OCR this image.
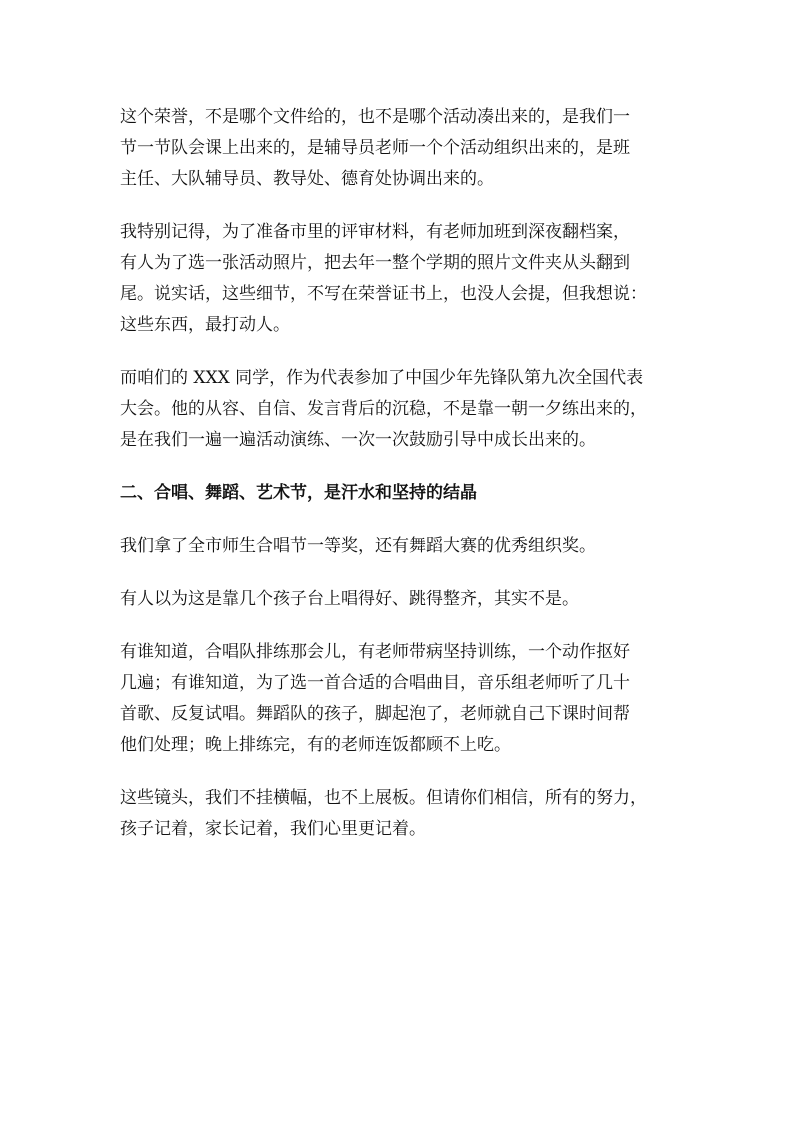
这个荣誉，不是哪个文件给的，也不是哪个活动凑出来的，是我们一
节一节队会课上出来的，是辅导员老师一个个活动组织出来的，是班
主任、大队辅导员、教导处、德育处协调出来的。

我特别记得，为了准备市里的评审材料，有老师加班到深夜翻档案，
有人为了选一张活动照片，把去年一整个学期的照片文件夹从头翻到
尾。说实话，这些细节，不写在荣誉证书上，也没人会提，但我想说：
这些东西，最打动人。

而咱们的 XXX 同学，作为代表参加了中国少年先锋队第九次全国代表
大会。他的从容、自信、发言背后的沉稳，不是靠一朝一夕练出来的，
是在我们一遍一遍活动演练、一次一次鼓励引导中成长出来的。

二、合唱、舞蹈、艺术节，是汗水和坚持的结晶

我们拿了全市师生合唱节一等奖，还有舞蹈大赛的优秀组织奖。

有人以为这是靠几个孩子台上唱得好、跳得整齐，其实不是。

有谁知道，合唱队排练那会儿，有老师带病坚持训练，一个动作抠好
几遍；有谁知道，为了选一首合适的合唱曲目，音乐组老师听了几十
首歌、反复试唱。舞蹈队的孩子，脚起泡了，老师就自己下课时间帮
他们处理；晚上排练完，有的老师连饭都顾不上吃。

这些镜头，我们不挂横幅，也不上展板。但请你们相信，所有的努力，
孩子记着，家长记着，我们心里更记着。
